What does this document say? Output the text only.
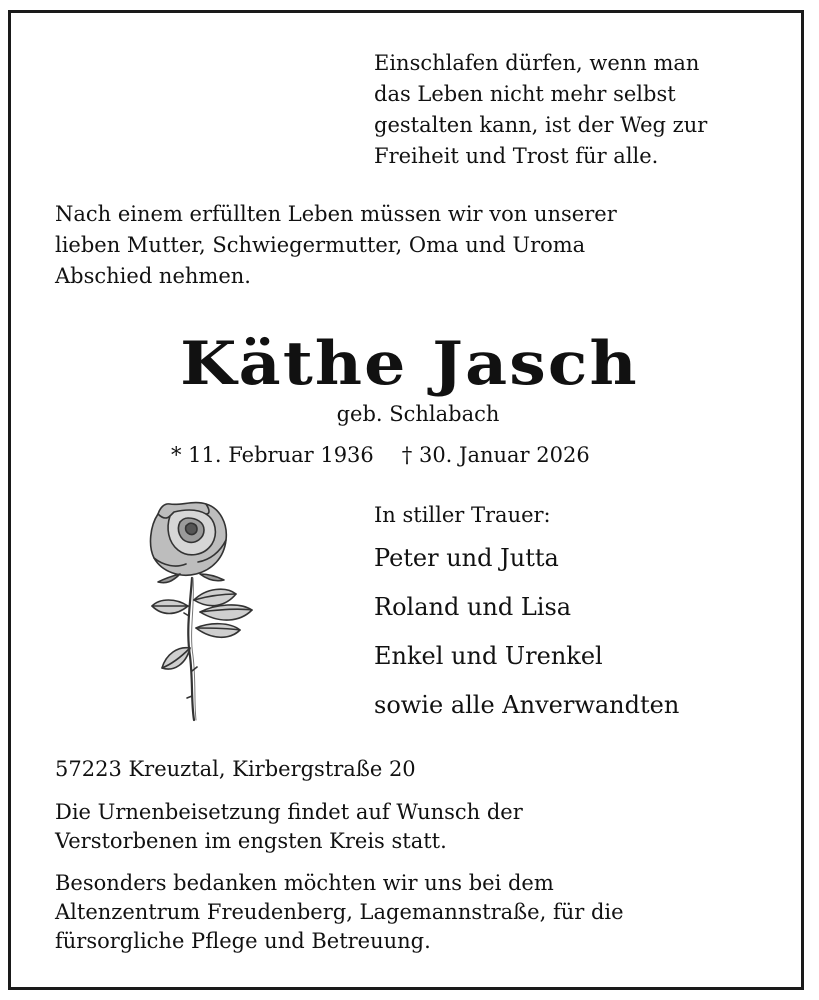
Einschlafen dürfen, wenn man
das Leben nicht mehr selbst
gestalten kann, ist der Weg zur
Freiheit und Trost für alle.
Nach einem erfüllten Leben müssen wir von unserer
lieben Mutter, Schwiegermutter, Oma und Uroma
Abschied nehmen.
Käthe Jasch
geb. Schlabach
* 11. Februar 1936 † 30. Januar 2026
In stiller Trauer:
Peter und Jutta
Roland und Lisa
Enkel und Urenkel
sowie alle Anverwandten
57223 Kreuztal, Kirbergstraße 20
Die Urnenbeisetzung findet auf Wunsch der
Verstorbenen im engsten Kreis statt.
Besonders bedanken möchten wir uns bei dem
Altenzentrum Freudenberg, Lagemannstraße, für die
fürsorgliche Pflege und Betreuung.
